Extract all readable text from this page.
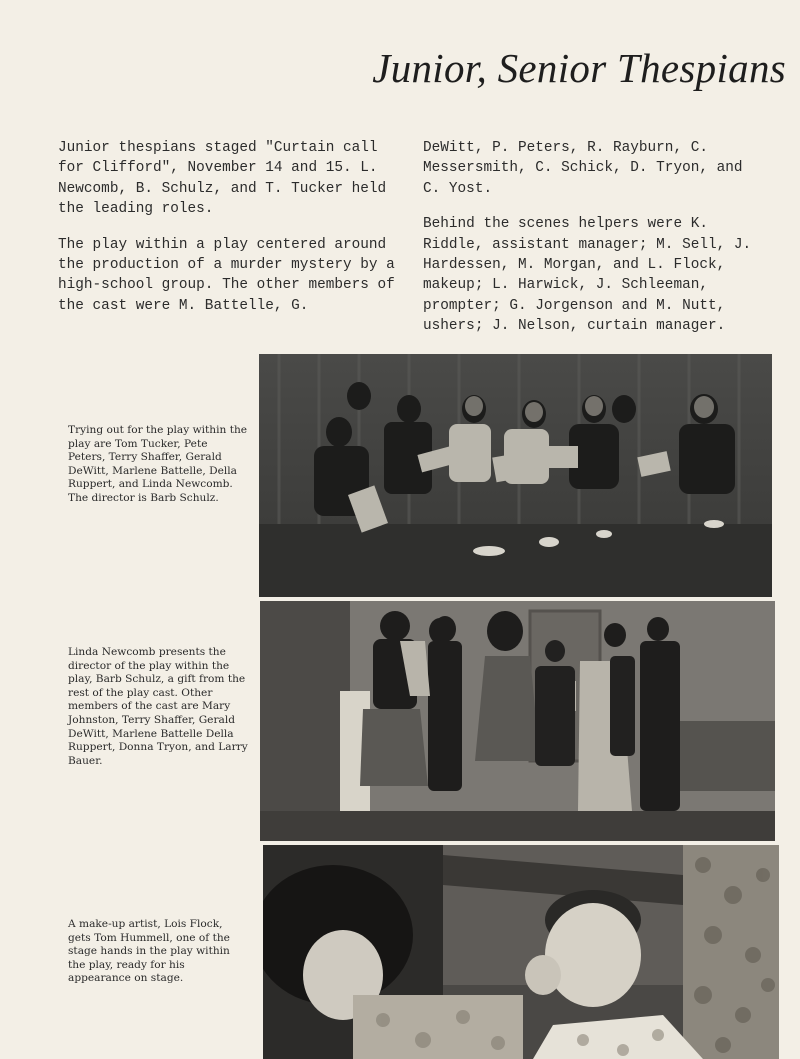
Junior, Senior Thespians

Junior thespians staged "Curtain call for Clifford", November 14 and 15. L. Newcomb, B. Schulz, and T. Tucker held the leading roles.

The play within a play centered around the production of a murder mystery by a high-school group. The other members of the cast were M. Battelle, G.

DeWitt, P. Peters, R. Rayburn, C. Messersmith, C. Schick, D. Tryon, and C. Yost.

Behind the scenes helpers were K. Riddle, assistant manager; M. Sell, J. Hardessen, M. Morgan, and L. Flock, makeup; L. Harwick, J. Schleeman, prompter; G. Jorgenson and M. Nutt, ushers; J. Nelson, curtain manager.

Trying out for the play within the play are Tom Tucker, Pete Peters, Terry Shaffer, Gerald DeWitt, Marlene Battelle, Della Ruppert, and Linda Newcomb. The director is Barb Schulz.
Linda Newcomb presents the director of the play within the play, Barb Schulz, a gift from the rest of the play cast. Other members of the cast are Mary Johnston, Terry Shaffer, Gerald DeWitt, Marlene Battelle Della Ruppert, Donna Tryon, and Larry Bauer.
A make-up artist, Lois Flock, gets Tom Hummell, one of the stage hands in the play within the play, ready for his appearance on stage.
